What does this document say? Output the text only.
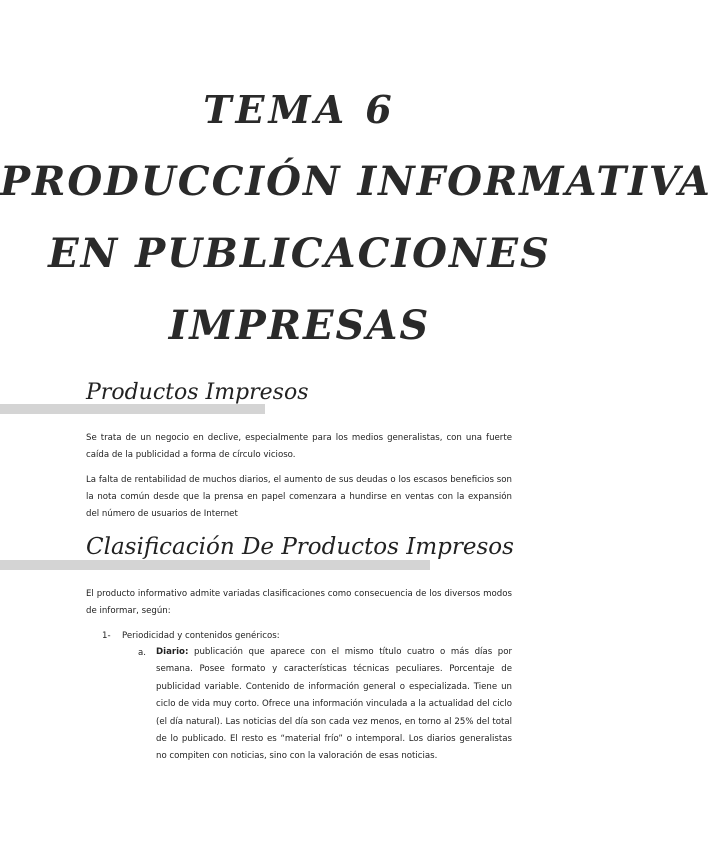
TEMA 6
PRODUCCIÓN INFORMATIVA
EN PUBLICACIONES
IMPRESAS
Productos Impresos
Se trata de un negocio en declive, especialmente para los medios generalistas, con una fuerte caída de la publicidad a forma de círculo vicioso.
La falta de rentabilidad de muchos diarios, el aumento de sus deudas o los escasos beneficios son la nota común desde que la prensa en papel comenzara a hundirse en ventas con la expansión del número de usuarios de Internet
Clasificación De Productos Impresos
El producto informativo admite variadas clasificaciones como consecuencia de los diversos modos de informar, según:
1- Periodicidad y contenidos genéricos:
a. Diario: publicación que aparece con el mismo título cuatro o más días por semana. Posee formato y características técnicas peculiares. Porcentaje de publicidad variable. Contenido de información general o especializada. Tiene un ciclo de vida muy corto. Ofrece una información vinculada a la actualidad del ciclo (el día natural). Las noticias del día son cada vez menos, en torno al 25% del total de lo publicado. El resto es “material frío” o intemporal. Los diarios generalistas no compiten con noticias, sino con la valoración de esas noticias.
